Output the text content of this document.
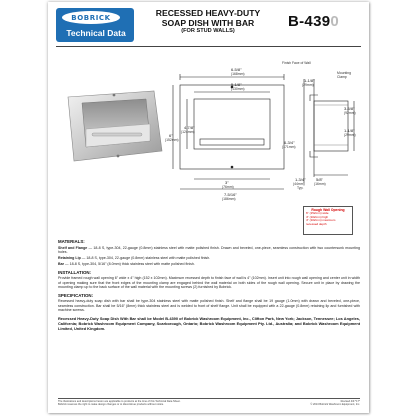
BOBRICK
Technical Data
RECESSED HEAVY-DUTY
SOAP DISH WITH BAR
(FOR STUD WALLS)
B-4390
6-5/8"
(168mm)
5-1/8"
(130mm)
6"
(152mm)
4-7/8"
(124mm)
3"
(76mm)
7-5/16"
(186mm)
Finish Face of Wall
Mounting Clamp
1-1/8"
(29mm)
3-5/8"
(92mm)
1-1/8"
(29mm)
6-3/4"
(171mm)
1-3/4"
(44mm)
Typ.
5/8"
(16mm)
Rough Wall Opening
6" (152mm) wide
4" (102mm) high
4" (102mm) maximum
recessed depth
MATERIALS:
Shelf and Flange — 18-8 S, type-304, 22-gauge (0.8mm) stainless steel with matte polished finish. Drawn and beveled, one-piece, seamless construction with two countersunk mounting holes.
Retaining Lip — 18-8 S, type-304, 22-gauge (0.8mm) stainless steel with matte polished finish.
Bar — 18-8 S, type-304, 5/16" (8.0mm) thick stainless steel with matte polished finish.
INSTALLATION:
Provide framed rough wall opening 6" wide x 4" high (152 x 102mm). Maximum recessed depth to finish face of wall is 4" (102mm). Insert unit into rough wall opening and center unit in width of opening making sure that the front edges of the mounting clamp are engaged behind the wall material on both sides of the rough wall opening. Secure unit in place by drawing the mounting clamp up to the back surface of the wall material with the mounting screws (2) furnished by Bobrick.
SPECIFICATION:
Recessed heavy-duty soap dish with bar shall be type-304 stainless steel with matte polished finish. Shelf and flange shall be 19 gauge (1.0mm) with drawn and beveled, one-piece, seamless construction. Bar shall be 5/16" (8mm) thick stainless steel and is welded to front of shelf flange. Unit shall be equipped with a 22-gauge (0.8mm) retaining lip and furnished with machine screws.
Recessed Heavy-Duty Soap Dish With Bar shall be Model B-4390 of Bobrick Washroom Equipment, Inc., Clifton Park, New York; Jackson, Tennessee; Los Angeles, California; Bobrick Washroom Equipment Company, Scarborough, Ontario; Bobrick Washroom Equipment Pty. Ltd., Australia; and Bobrick Washroom Equipment Limited, United Kingdom.
The illustrations and descriptions herein are applicable to products at the time of this Technical Data Sheet.	Revised 4/9 *17*
Bobrick reserves the right to make design changes or to discontinue products without notice.	© 2013 Bobrick Washroom Equipment, Inc.
